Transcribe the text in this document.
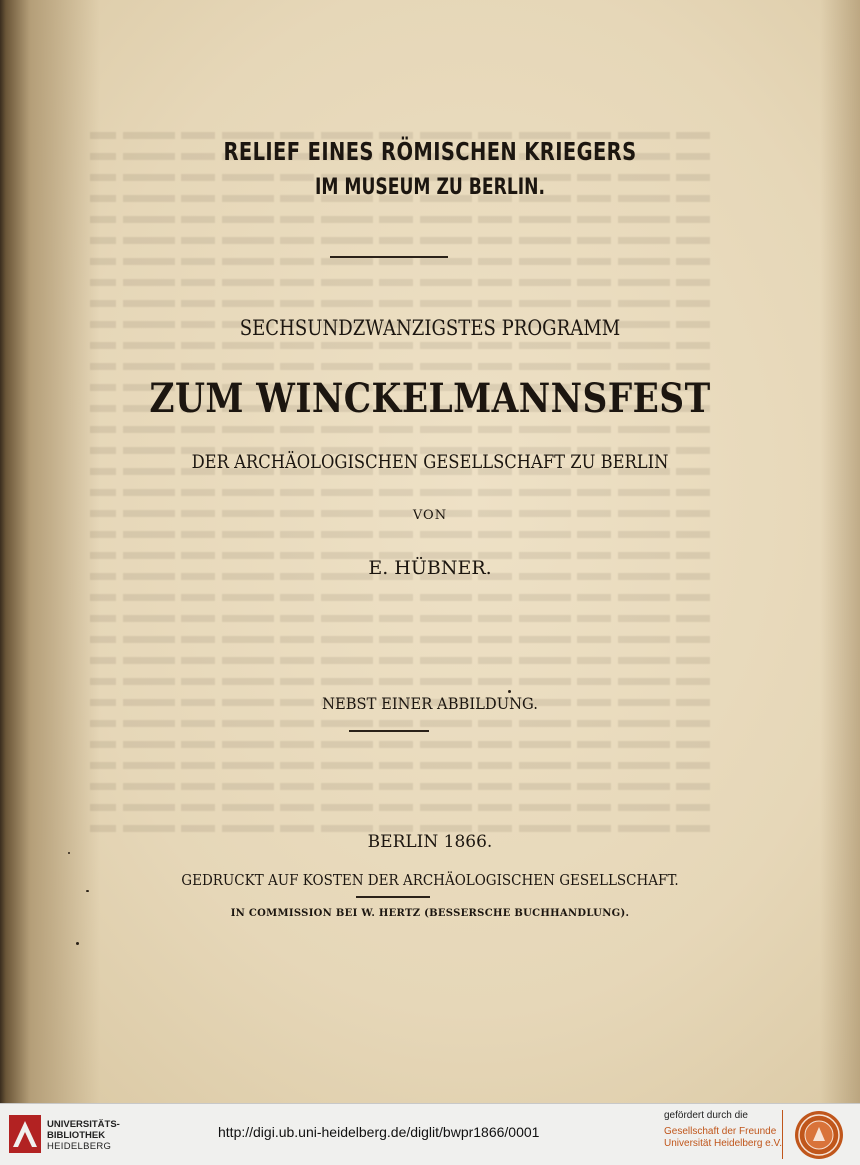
RELIEF EINES RÖMISCHEN KRIEGERS
IM MUSEUM ZU BERLIN.
SECHSUNDZWANZIGSTES PROGRAMM
ZUM WINCKELMANNSFEST
DER ARCHÄOLOGISCHEN GESELLSCHAFT ZU BERLIN
VON
E. HÜBNER.
NEBST EINER ABBILDUNG.
BERLIN 1866.
GEDRUCKT AUF KOSTEN DER ARCHÄOLOGISCHEN GESELLSCHAFT.
IN COMMISSION BEI W. HERTZ (BESSERSCHE BUCHHANDLUNG).
UNIVERSITÄTS-
BIBLIOTHEK
HEIDELBERG
http://digi.ub.uni-heidelberg.de/diglit/bwpr1866/0001
gefördert durch die
Gesellschaft der Freunde
Universität Heidelberg e.V.
